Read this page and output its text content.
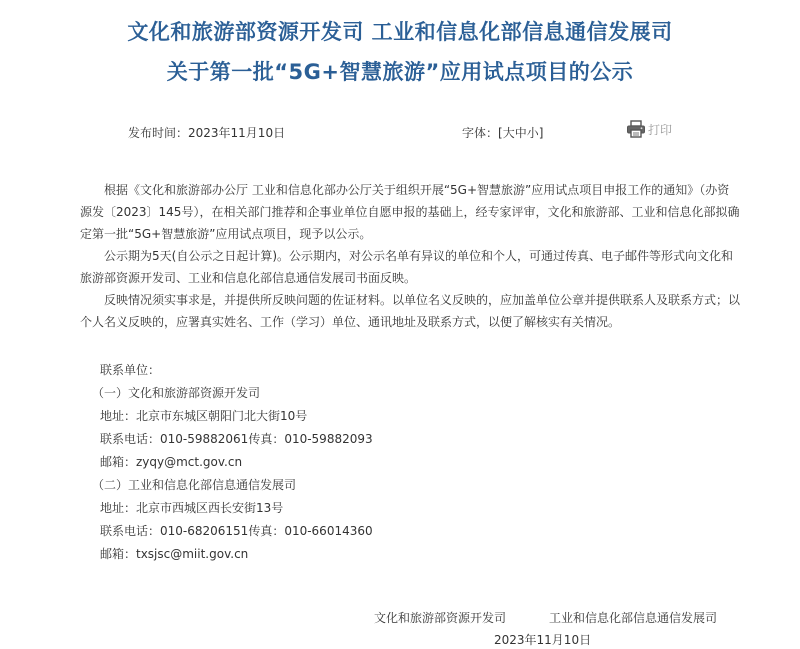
文化和旅游部资源开发司 工业和信息化部信息通信发展司
关于第一批“5G+智慧旅游”应用试点项目的公示
发布时间：2023年11月10日	字体：[大中小]	打印

根据《文化和旅游部办公厅 工业和信息化部办公厅关于组织开展“5G+智慧旅游”应用试点项目申报工作的通知》（办资源发〔2023〕145号），在相关部门推荐和企事业单位自愿申报的基础上，经专家评审，文化和旅游部、工业和信息化部拟确定第一批“5G+智慧旅游”应用试点项目，现予以公示。

公示期为5天(自公示之日起计算)。公示期内，对公示名单有异议的单位和个人，可通过传真、电子邮件等形式向文化和旅游部资源开发司、工业和信息化部信息通信发展司书面反映。

反映情况须实事求是，并提供所反映问题的佐证材料。以单位名义反映的，应加盖单位公章并提供联系人及联系方式；以个人名义反映的，应署真实姓名、工作（学习）单位、通讯地址及联系方式，以便了解核实有关情况。

联系单位：
（一）文化和旅游部资源开发司
地址：北京市东城区朝阳门北大街10号
联系电话：010-59882061传真：010-59882093
邮箱：zyqy@mct.gov.cn
（二）工业和信息化部信息通信发展司
地址：北京市西城区西长安街13号
联系电话：010-68206151传真：010-66014360
邮箱：txsjsc@miit.gov.cn
文化和旅游部资源开发司	工业和信息化部信息通信发展司
2023年11月10日
